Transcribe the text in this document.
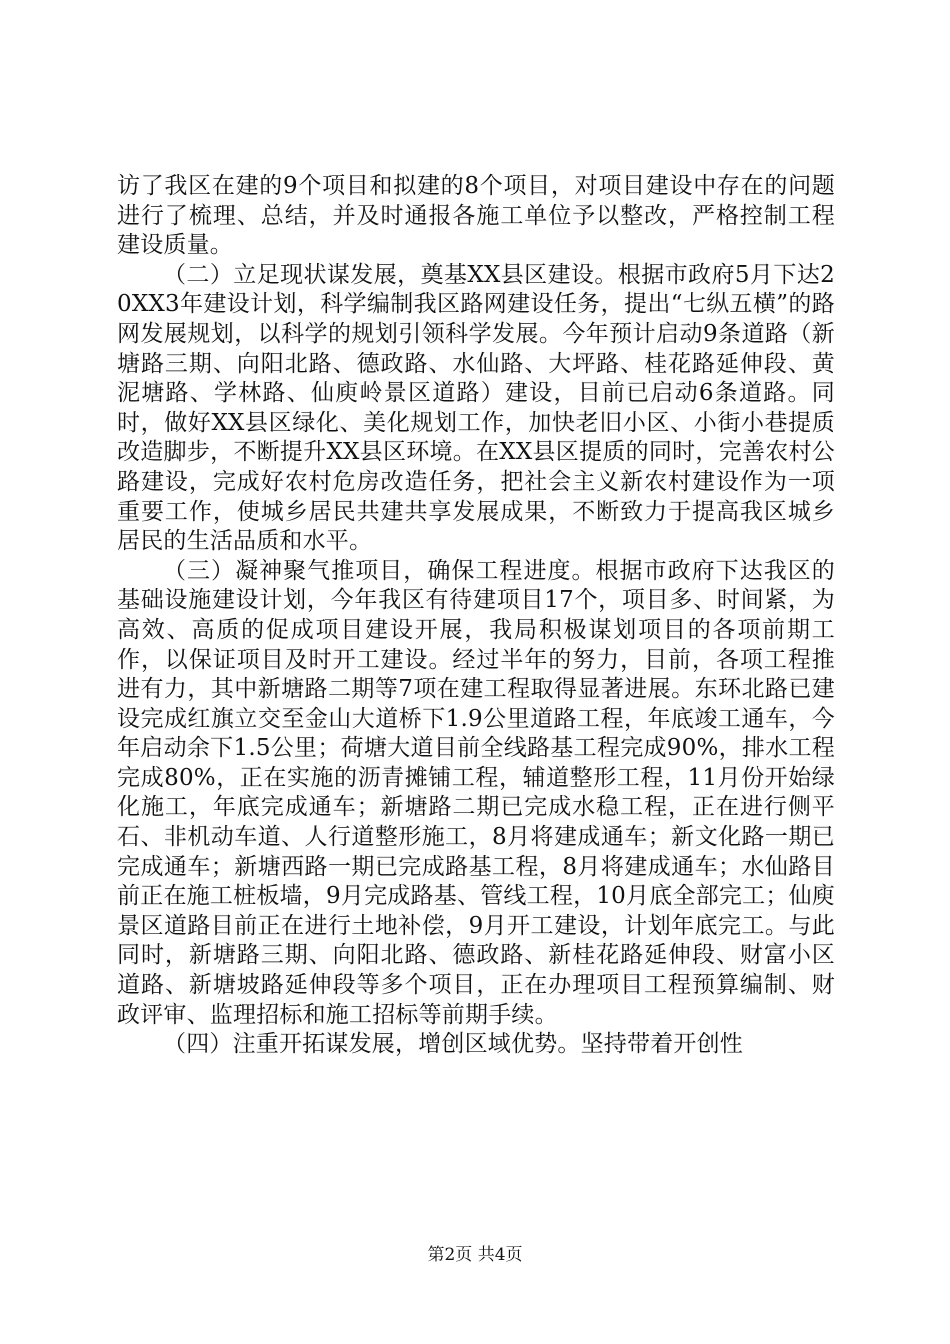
访了我区在建的9个项目和拟建的8个项目，对项目建设中存在的问题进行了梳理、总结，并及时通报各施工单位予以整改，严格控制工程建设质量。

（二）立足现状谋发展，奠基XX县区建设。根据市政府5月下达20XX3年建设计划，科学编制我区路网建设任务，提出“七纵五横”的路网发展规划，以科学的规划引领科学发展。今年预计启动9条道路（新塘路三期、向阳北路、德政路、水仙路、大坪路、桂花路延伸段、黄泥塘路、学林路、仙庾岭景区道路）建设，目前已启动6条道路。同时，做好XX县区绿化、美化规划工作，加快老旧小区、小街小巷提质改造脚步，不断提升XX县区环境。在XX县区提质的同时，完善农村公路建设，完成好农村危房改造任务，把社会主义新农村建设作为一项重要工作，使城乡居民共建共享发展成果，不断致力于提高我区城乡居民的生活品质和水平。

（三）凝神聚气推项目，确保工程进度。根据市政府下达我区的基础设施建设计划，今年我区有待建项目17个，项目多、时间紧，为高效、高质的促成项目建设开展，我局积极谋划项目的各项前期工作，以保证项目及时开工建设。经过半年的努力，目前，各项工程推进有力，其中新塘路二期等7项在建工程取得显著进展。东环北路已建设完成红旗立交至金山大道桥下1.9公里道路工程，年底竣工通车，今年启动余下1.5公里；荷塘大道目前全线路基工程完成90%，排水工程完成80%，正在实施的沥青摊铺工程，辅道整形工程，11月份开始绿化施工，年底完成通车；新塘路二期已完成水稳工程，正在进行侧平石、非机动车道、人行道整形施工，8月将建成通车；新文化路一期已完成通车；新塘西路一期已完成路基工程，8月将建成通车；水仙路目前正在施工桩板墙，9月完成路基、管线工程，10月底全部完工；仙庾景区道路目前正在进行土地补偿，9月开工建设，计划年底完工。与此同时，新塘路三期、向阳北路、德政路、新桂花路延伸段、财富小区道路、新塘坡路延伸段等多个项目，正在办理项目工程预算编制、财政评审、监理招标和施工招标等前期手续。

（四）注重开拓谋发展，增创区域优势。坚持带着开创性

第2页 共4页
